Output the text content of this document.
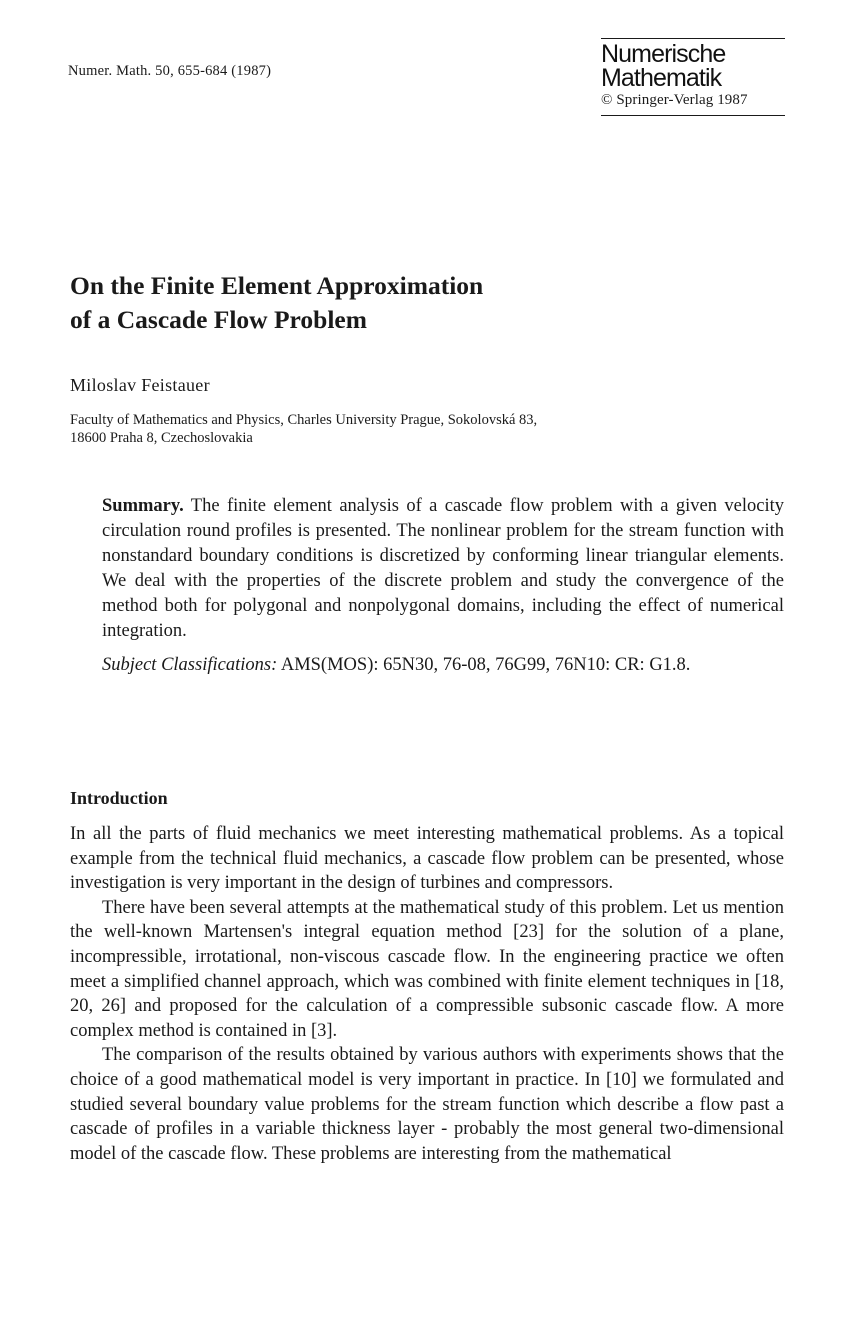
Numer. Math. 50, 655-684 (1987)
Numerische
Mathematik
© Springer-Verlag 1987
On the Finite Element Approximation
of a Cascade Flow Problem
Miloslav Feistauer
Faculty of Mathematics and Physics, Charles University Prague, Sokolovská 83,
18600 Praha 8, Czechoslovakia

Summary. The finite element analysis of a cascade flow problem with a given velocity circulation round profiles is presented. The nonlinear problem for the stream function with nonstandard boundary conditions is discretized by conforming linear triangular elements. We deal with the properties of the discrete problem and study the convergence of the method both for polygonal and nonpolygonal domains, including the effect of numerical integration.

Subject Classifications: AMS(MOS): 65N30, 76-08, 76G99, 76N10: CR: G1.8.

Introduction

In all the parts of fluid mechanics we meet interesting mathematical problems. As a topical example from the technical fluid mechanics, a cascade flow problem can be presented, whose investigation is very important in the design of turbines and compressors.

There have been several attempts at the mathematical study of this problem. Let us mention the well-known Martensen's integral equation method [23] for the solution of a plane, incompressible, irrotational, non-viscous cascade flow. In the engineering practice we often meet a simplified channel approach, which was combined with finite element techniques in [18, 20, 26] and proposed for the calculation of a compressible subsonic cascade flow. A more complex method is contained in [3].

The comparison of the results obtained by various authors with experiments shows that the choice of a good mathematical model is very important in practice. In [10] we formulated and studied several boundary value problems for the stream function which describe a flow past a cascade of profiles in a variable thickness layer - probably the most general two-dimensional model of the cascade flow. These problems are interesting from the mathematical
